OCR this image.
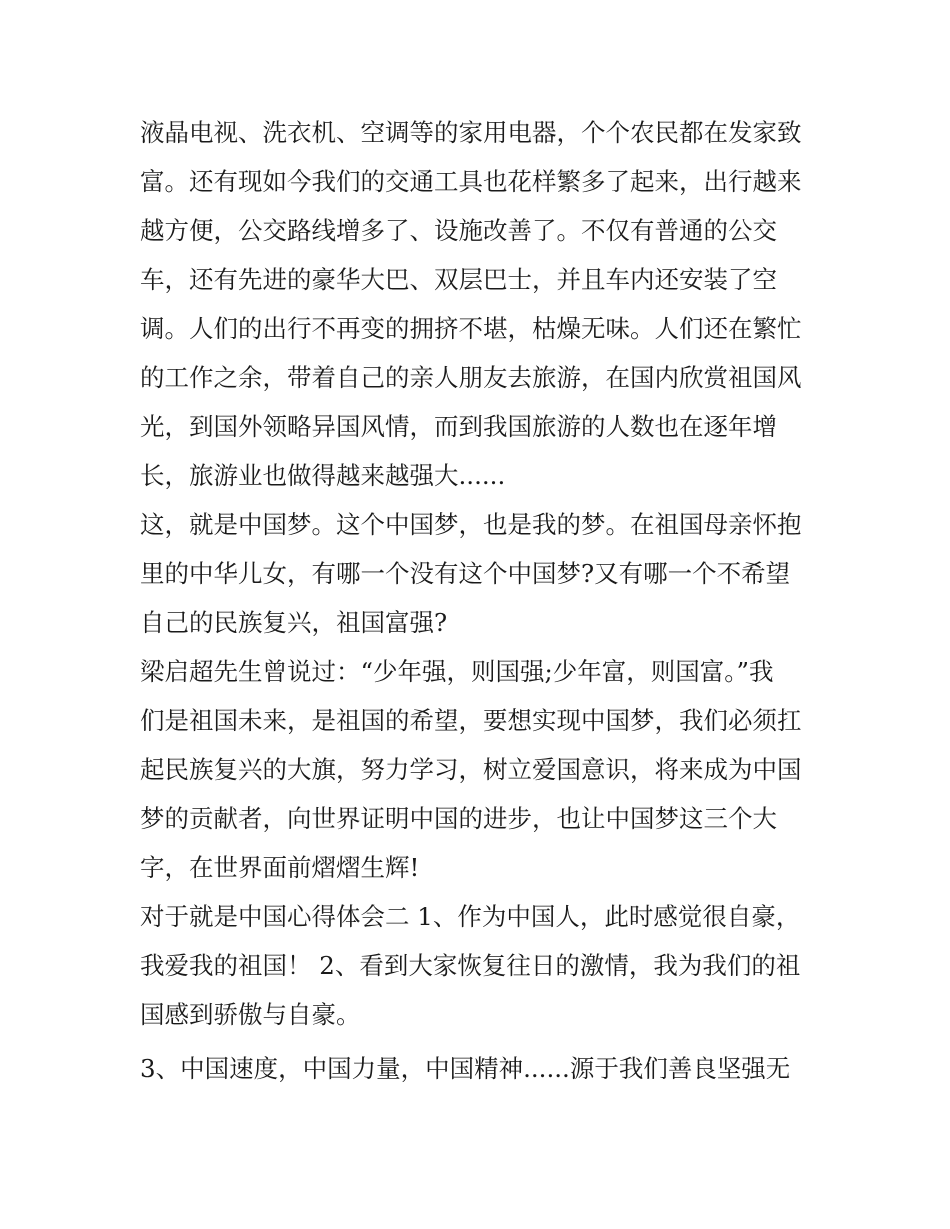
液晶电视、洗衣机、空调等的家用电器，个个农民都在发家致
富。还有现如今我们的交通工具也花样繁多了起来，出行越来
越方便，公交路线增多了、设施改善了。不仅有普通的公交
车，还有先进的豪华大巴、双层巴士，并且车内还安装了空
调。人们的出行不再变的拥挤不堪，枯燥无味。人们还在繁忙
的工作之余，带着自己的亲人朋友去旅游，在国内欣赏祖国风
光，到国外领略异国风情，而到我国旅游的人数也在逐年增
长，旅游业也做得越来越强大......
这，就是中国梦。这个中国梦，也是我的梦。在祖国母亲怀抱
里的中华儿女，有哪一个没有这个中国梦?又有哪一个不希望
自己的民族复兴，祖国富强?
梁启超先生曾说过：“少年强，则国强;少年富，则国富。”我
们是祖国未来，是祖国的希望，要想实现中国梦，我们必须扛
起民族复兴的大旗，努力学习，树立爱国意识，将来成为中国
梦的贡献者，向世界证明中国的进步，也让中国梦这三个大
字，在世界面前熠熠生辉!
对于就是中国心得体会二 1、作为中国人，此时感觉很自豪，
我爱我的祖国！ 2、看到大家恢复往日的激情，我为我们的祖
国感到骄傲与自豪。
3、中国速度，中国力量，中国精神......源于我们善良坚强无
